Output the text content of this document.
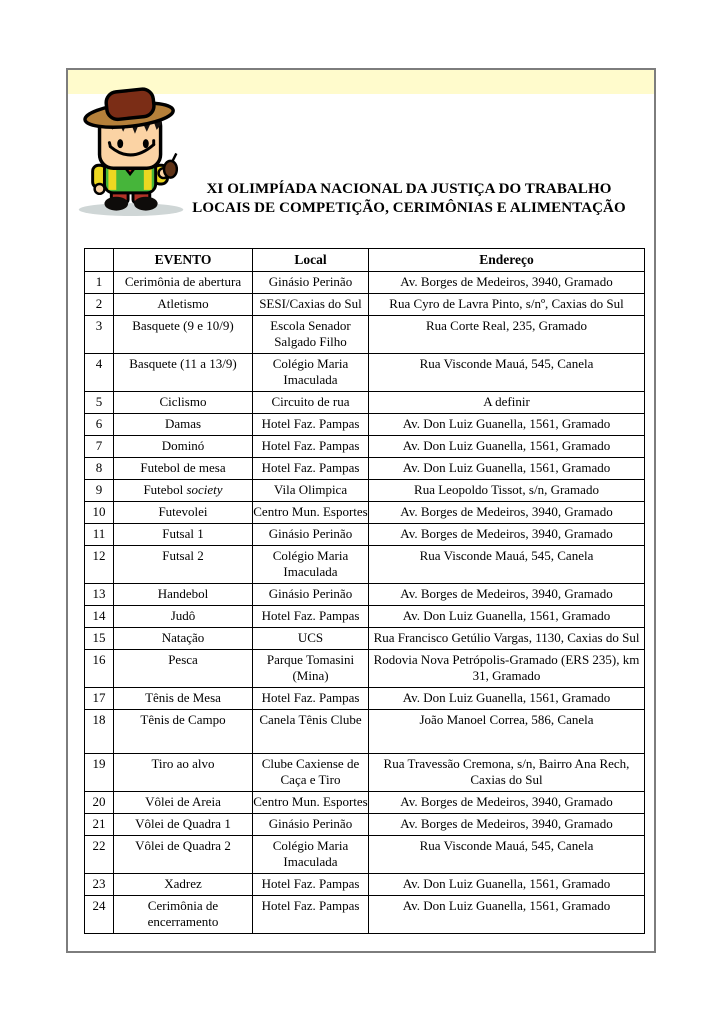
XI OLIMPÍADA NACIONAL DA JUSTIÇA DO TRABALHO
LOCAIS DE COMPETIÇÃO, CERIMÔNIAS E ALIMENTAÇÃO
	EVENTO	Local	Endereço
1	Cerimônia de abertura	Ginásio Perinão	Av. Borges de Medeiros, 3940, Gramado
2	Atletismo	SESI/Caxias do Sul	Rua Cyro de Lavra Pinto, s/nº, Caxias do Sul
3	Basquete (9 e 10/9)	Escola Senador Salgado Filho	Rua Corte Real, 235, Gramado
4	Basquete (11 a 13/9)	Colégio Maria Imaculada	Rua Visconde Mauá, 545, Canela
5	Ciclismo	Circuito de rua	A definir
6	Damas	Hotel Faz. Pampas	Av. Don Luiz Guanella, 1561, Gramado
7	Dominó	Hotel Faz. Pampas	Av. Don Luiz Guanella, 1561, Gramado
8	Futebol de mesa	Hotel Faz. Pampas	Av. Don Luiz Guanella, 1561, Gramado
9	Futebol society	Vila Olimpica	Rua Leopoldo Tissot, s/n, Gramado
10	Futevolei	Centro Mun. Esportes	Av. Borges de Medeiros, 3940, Gramado
11	Futsal 1	Ginásio Perinão	Av. Borges de Medeiros, 3940, Gramado
12	Futsal 2	Colégio Maria Imaculada	Rua Visconde Mauá, 545, Canela
13	Handebol	Ginásio Perinão	Av. Borges de Medeiros, 3940, Gramado
14	Judô	Hotel Faz. Pampas	Av. Don Luiz Guanella, 1561, Gramado
15	Natação	UCS	Rua Francisco Getúlio Vargas, 1130, Caxias do Sul
16	Pesca	Parque Tomasini (Mina)	Rodovia Nova Petrópolis-Gramado (ERS 235), km 31, Gramado
17	Tênis de Mesa	Hotel Faz. Pampas	Av. Don Luiz Guanella, 1561, Gramado
18	Tênis de Campo	Canela Tênis Clube	João Manoel Correa, 586, Canela
19	Tiro ao alvo	Clube Caxiense de Caça e Tiro	Rua Travessão Cremona, s/n, Bairro Ana Rech, Caxias do Sul
20	Vôlei de Areia	Centro Mun. Esportes	Av. Borges de Medeiros, 3940, Gramado
21	Vôlei de Quadra 1	Ginásio Perinão	Av. Borges de Medeiros, 3940, Gramado
22	Vôlei de Quadra 2	Colégio Maria Imaculada	Rua Visconde Mauá, 545, Canela
23	Xadrez	Hotel Faz. Pampas	Av. Don Luiz Guanella, 1561, Gramado
24	Cerimônia de encerramento	Hotel Faz. Pampas	Av. Don Luiz Guanella, 1561, Gramado
